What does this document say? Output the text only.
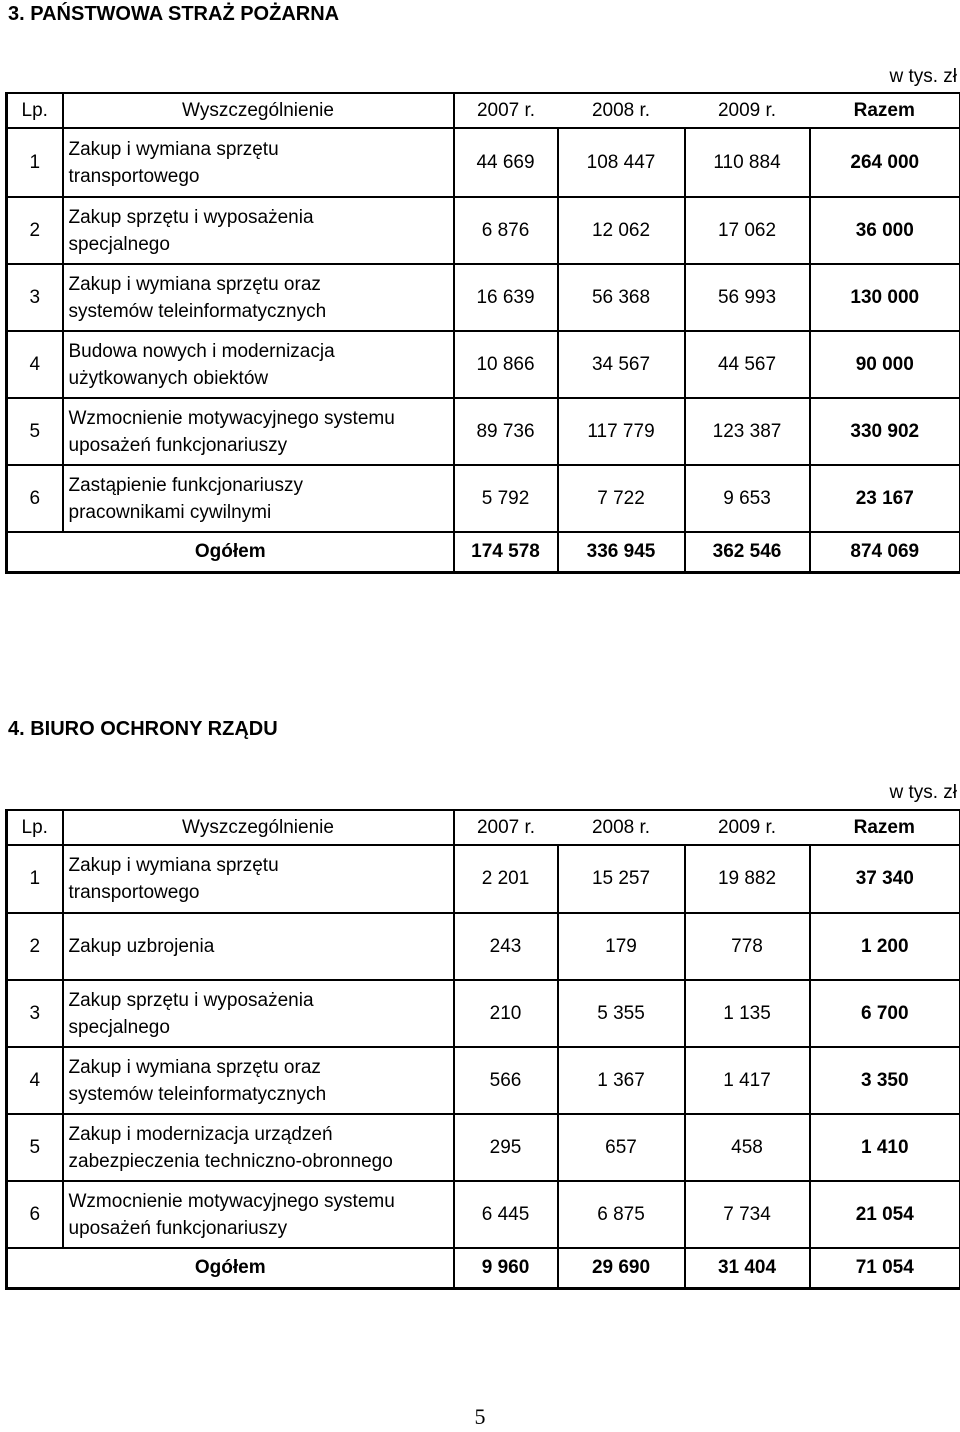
3. PAŃSTWOWA STRAŻ POŻARNA
w tys. zł
Lp.	Wyszczególnienie	2007 r.	2008 r.	2009 r.	Razem
1	Zakup i wymiana sprzętu
transportowego	44 669	108 447	110 884	264 000
2	Zakup sprzętu i wyposażenia
specjalnego	6 876	12 062	17 062	36 000
3	Zakup i wymiana sprzętu oraz
systemów teleinformatycznych	16 639	56 368	56 993	130 000
4	Budowa nowych i modernizacja
użytkowanych obiektów	10 866	34 567	44 567	90 000
5	Wzmocnienie motywacyjnego systemu
uposażeń funkcjonariuszy	89 736	117 779	123 387	330 902
6	Zastąpienie funkcjonariuszy
pracownikami cywilnymi	5 792	7 722	9 653	23 167
Ogółem		174 578	336 945	362 546	874 069
4. BIURO OCHRONY RZĄDU
w tys. zł
Lp.	Wyszczególnienie	2007 r.	2008 r.	2009 r.	Razem
1	Zakup i wymiana sprzętu
transportowego	2 201	15 257	19 882	37 340
2	Zakup uzbrojenia	243	179	778	1 200
3	Zakup sprzętu i wyposażenia
specjalnego	210	5 355	1 135	6 700
4	Zakup i wymiana sprzętu oraz
systemów teleinformatycznych	566	1 367	1 417	3 350
5	Zakup i modernizacja urządzeń
zabezpieczenia techniczno-obronnego	295	657	458	1 410
6	Wzmocnienie motywacyjnego systemu
uposażeń funkcjonariuszy	6 445	6 875	7 734	21 054
Ogółem		9 960	29 690	31 404	71 054
5
